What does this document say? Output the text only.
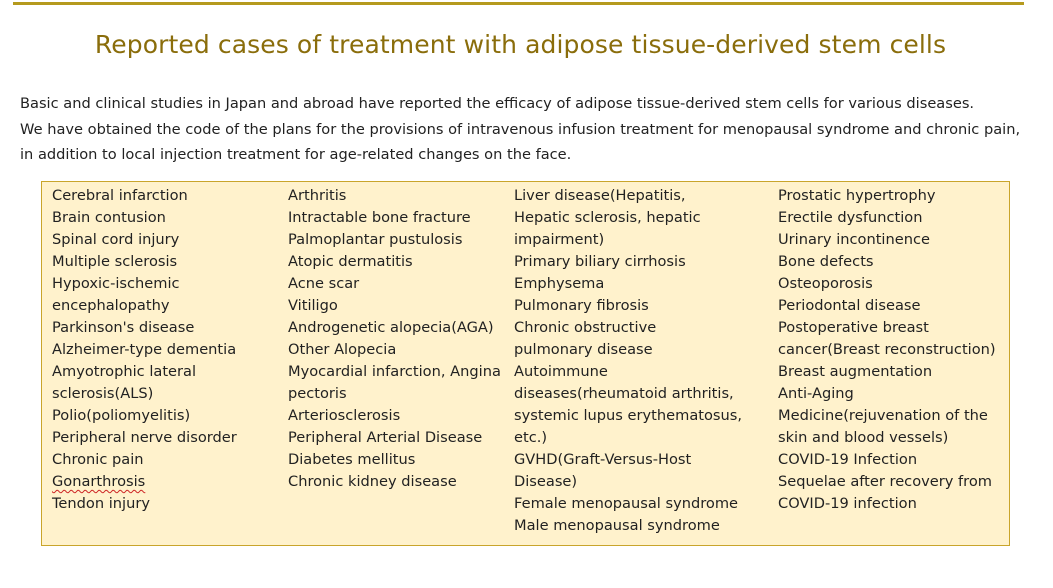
Reported cases of treatment with adipose tissue-derived stem cells

Basic and clinical studies in Japan and abroad have reported the efficacy of adipose tissue-derived stem cells for various diseases.

We have obtained the code of the plans for the provisions of intravenous infusion treatment for menopausal syndrome and chronic pain,

in addition to local injection treatment for age-related changes on the face.

Cerebral infarction
Brain contusion
Spinal cord injury
Multiple sclerosis
Hypoxic-ischemic
encephalopathy
Parkinson's disease
Alzheimer-type dementia
Amyotrophic lateral
sclerosis(ALS)
Polio(poliomyelitis)
Peripheral nerve disorder
Chronic pain
Gonarthrosis
Tendon injury
Arthritis
Intractable bone fracture
Palmoplantar pustulosis
Atopic dermatitis
Acne scar
Vitiligo
Androgenetic alopecia(AGA)
Other Alopecia
Myocardial infarction, Angina
pectoris
Arteriosclerosis
Peripheral Arterial Disease
Diabetes mellitus
Chronic kidney disease
Liver disease(Hepatitis,
Hepatic sclerosis, hepatic
impairment)
Primary biliary cirrhosis
Emphysema
Pulmonary fibrosis
Chronic obstructive
pulmonary disease
Autoimmune
diseases(rheumatoid arthritis,
systemic lupus erythematosus,
etc.)
GVHD(Graft-Versus-Host
Disease)
Female menopausal syndrome
Male menopausal syndrome
Prostatic hypertrophy
Erectile dysfunction
Urinary incontinence
Bone defects
Osteoporosis
Periodontal disease
Postoperative breast
cancer(Breast reconstruction)
Breast augmentation
Anti-Aging
Medicine(rejuvenation of the
skin and blood vessels)
COVID-19 Infection
Sequelae after recovery from
COVID-19 infection
